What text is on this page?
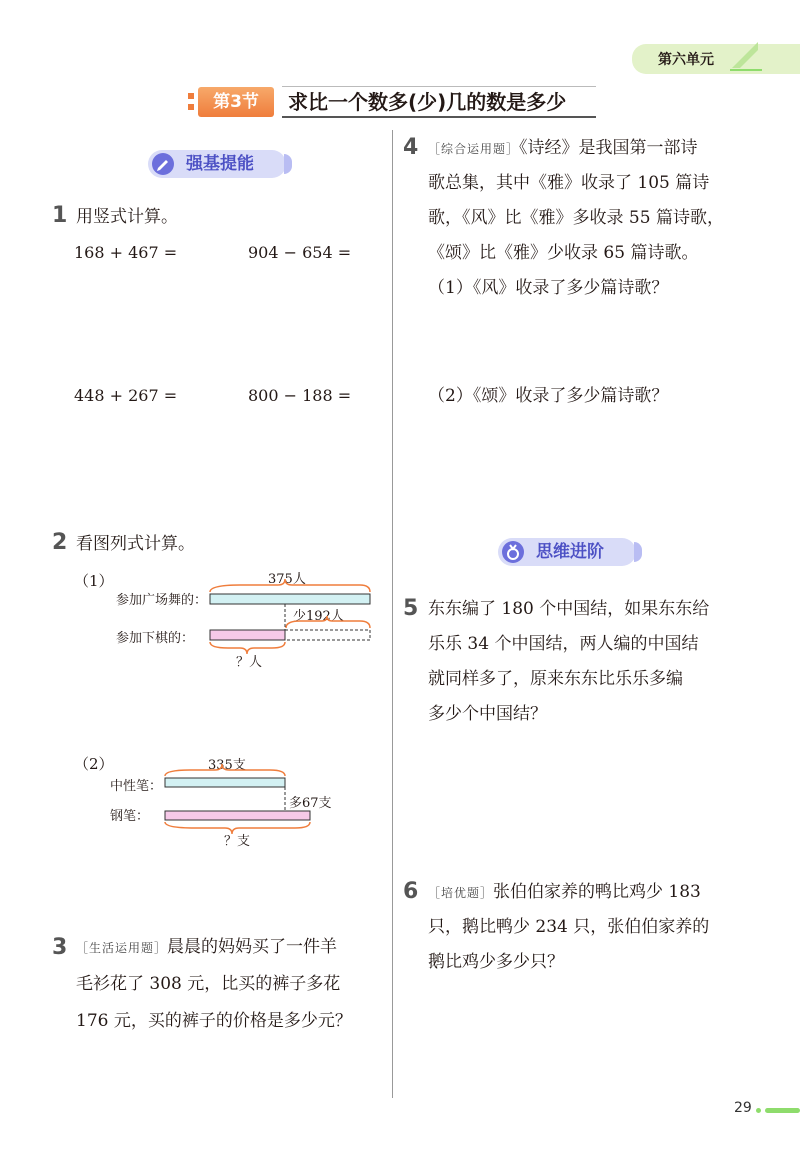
第六单元
第3节	求比一个数多(少)几的数是多少
强基提能
1 用竖式计算。
168 + 467 =	904 − 654 =
448 + 267 =	800 − 188 =
2 看图列式计算。
（1）
参加广场舞的：
参加下棋的：
375人
少192人
？人
（2）
中性笔：
钢笔：
335支
多67支
？支
3 ［生活运用题］晨晨的妈妈买了一件羊
毛衫花了 308 元，比买的裤子多花
176 元，买的裤子的价格是多少元？
4 ［综合运用题］《诗经》是我国第一部诗
歌总集，其中《雅》收录了 105 篇诗
歌，《风》比《雅》多收录 55 篇诗歌，
《颂》比《雅》少收录 65 篇诗歌。
（1）《风》收录了多少篇诗歌？
（2）《颂》收录了多少篇诗歌？
思维进阶
5 东东编了 180 个中国结，如果东东给
乐乐 34 个中国结，两人编的中国结
就同样多了，原来东东比乐乐多编
多少个中国结？
6 ［培优题］张伯伯家养的鸭比鸡少 183
只，鹅比鸭少 234 只，张伯伯家养的
鹅比鸡少多少只？
29
